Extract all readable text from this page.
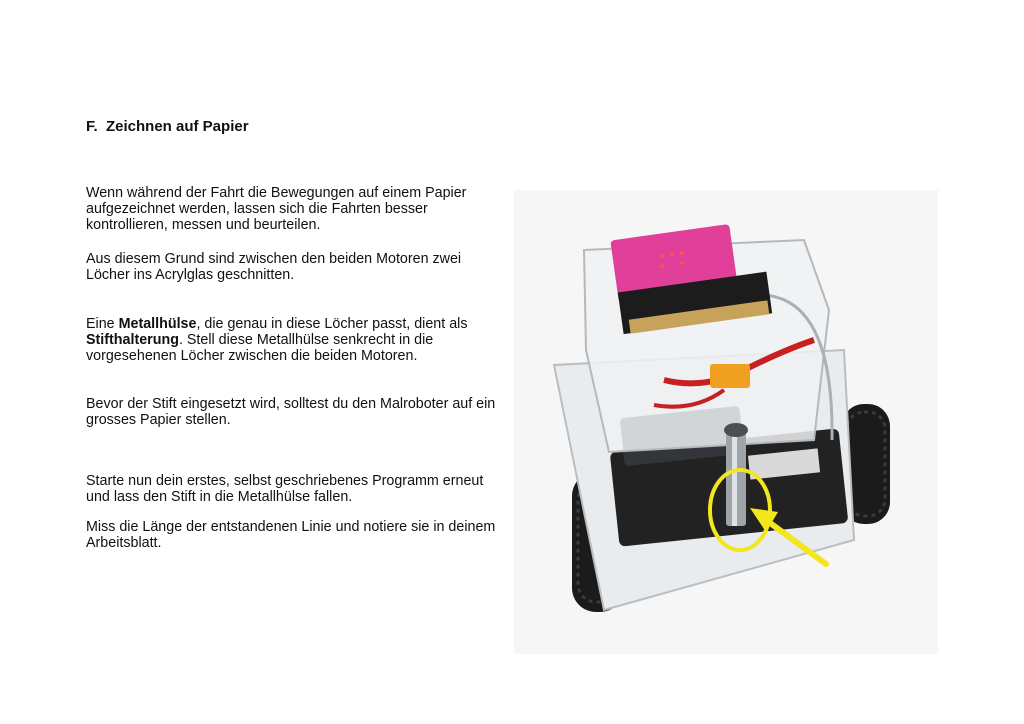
F.  Zeichnen auf Papier

Wenn während der Fahrt die Bewegungen auf einem Papier aufgezeichnet werden, lassen sich die Fahrten besser kontrollieren, messen und beurteilen.

Aus diesem Grund sind zwischen den beiden Motoren zwei Löcher ins Acrylglas geschnitten.

Eine Metallhülse, die genau in diese Löcher passt, dient als Stifthalterung. Stell diese Metallhülse senkrecht in die vorgesehenen Löcher zwischen die beiden Motoren.

Bevor der Stift eingesetzt wird, solltest du den Malroboter auf ein grosses Papier stellen.

Starte nun dein erstes, selbst geschriebenes Programm erneut und lass den Stift in die Metallhülse fallen.

Miss die Länge der entstandenen Linie und notiere sie in deinem Arbeitsblatt.
